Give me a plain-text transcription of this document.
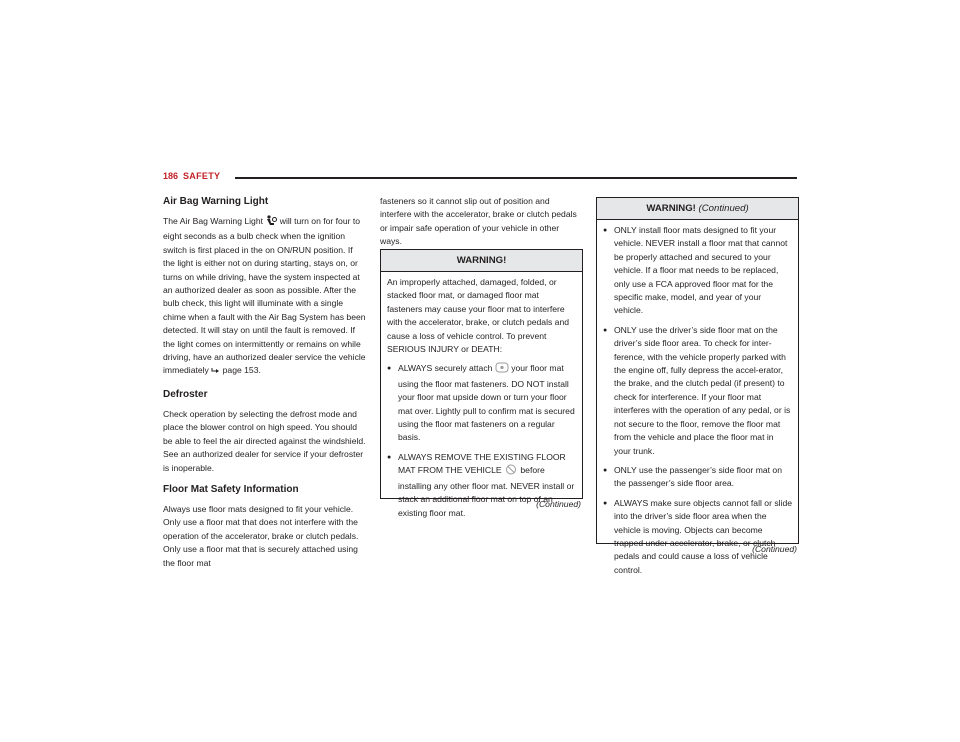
186 SAFETY
Air Bag Warning Light

The Air Bag Warning Light will turn on for four to eight seconds as a bulb check when the ignition switch is first placed in the on ON/RUN position. If the light is either not on during starting, stays on, or turns on while driving, have the system inspected at an authorized dealer as soon as possible. After the bulb check, this light will illuminate with a single chime when a fault with the Air Bag System has been detected. It will stay on until the fault is removed. If the light comes on intermittently or remains on while driving, have an authorized dealer service the vehicle immediately page 153.

Defroster

Check operation by selecting the defrost mode and place the blower control on high speed. You should be able to feel the air directed against the windshield. See an authorized dealer for service if your defroster is inoperable.

Floor Mat Safety Information

Always use floor mats designed to fit your vehicle. Only use a floor mat that does not interfere with the operation of the accelerator, brake or clutch pedals. Only use a floor mat that is securely attached using the floor mat

fasteners so it cannot slip out of position and interfere with the accelerator, brake or clutch pedals or impair safe operation of your vehicle in other ways.

WARNING!

An improperly attached, damaged, folded, or stacked floor mat, or damaged floor mat fasteners may cause your floor mat to interfere with the accelerator, brake, or clutch pedals and cause a loss of vehicle control. To prevent SERIOUS INJURY or DEATH:

● ALWAYS securely attach your floor mat using the floor mat fasteners. DO NOT install your floor mat upside down or turn your floor mat over. Lightly pull to confirm mat is secured using the floor mat fasteners on a regular basis.
● ALWAYS REMOVE THE EXISTING FLOOR MAT FROM THE VEHICLE before installing any other floor mat. NEVER install or stack an additional floor mat on top of an existing floor mat.
(Continued)
WARNING! (Continued)
● ONLY install floor mats designed to fit your vehicle. NEVER install a floor mat that cannot be properly attached and secured to your vehicle. If a floor mat needs to be replaced, only use a FCA approved floor mat for the specific make, model, and year of your vehicle.
● ONLY use the driver’s side floor mat on the driver’s side floor area. To check for inter-ference, with the vehicle properly parked with the engine off, fully depress the accel-erator, the brake, and the clutch pedal (if present) to check for interference. If your floor mat interferes with the operation of any pedal, or is not secure to the floor, remove the floor mat from the vehicle and place the floor mat in your trunk.
● ONLY use the passenger’s side floor mat on the passenger’s side floor area.
● ALWAYS make sure objects cannot fall or slide into the driver’s side floor area when the vehicle is moving. Objects can become trapped under accelerator, brake, or clutch pedals and could cause a loss of vehicle control.
(Continued)
